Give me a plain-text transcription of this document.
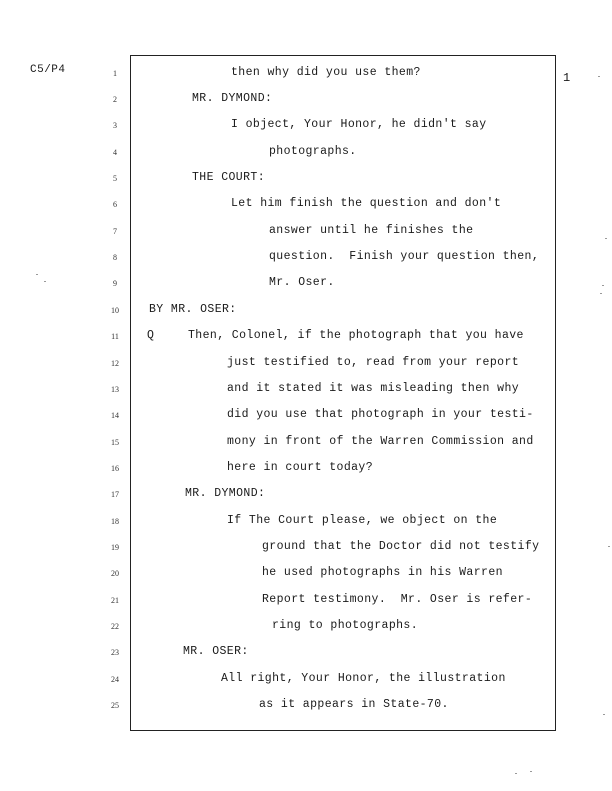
C5/P4
1
1
2
3
4
5
6
7
8
9
10
11
12
13
14
15
16
17
18
19
20
21
22
23
24
25
then why did you use them?
MR. DYMOND:
I object, Your Honor, he didn't say
photographs.
THE COURT:
Let him finish the question and don't
answer until he finishes the
question.  Finish your question then,
Mr. Oser.
BY MR. OSER:
Q	Then, Colonel, if the photograph that you have
just testified to, read from your report
and it stated it was misleading then why
did you use that photograph in your testi-
mony in front of the Warren Commission and
here in court today?
MR. DYMOND:
If The Court please, we object on the
ground that the Doctor did not testify
he used photographs in his Warren
Report testimony.  Mr. Oser is refer-
ring to photographs.
MR. OSER:
All right, Your Honor, the illustration
as it appears in State-70.
